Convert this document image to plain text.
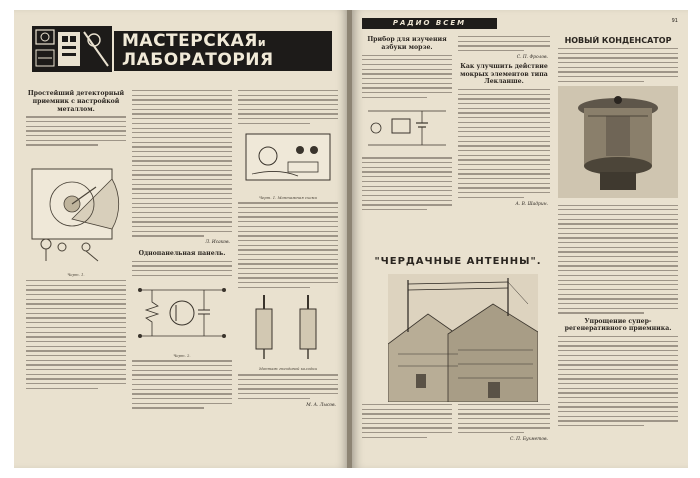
МАСТЕРСКАЯи
ЛАБОРАТОРИЯ
Простейший детекторный приемник с настройкой металлом.
Черт. 1.
Л. Исаков.
Однопанельная панель.
Черт. 2.
Черт. 1. Монтажная схема
Монтаж гнездовой колодки
М. А. Лысов.
РАДИО ВСЕМ	91
Прибор для изучения азбуки морзе.
С. П. Фролов.
Как улучшить действие мокрых элементов типа Лекланше.
А. В. Шадрин.
"ЧЕРДАЧНЫЕ АНТЕННЫ".
С. П. Бухметов.
НОВЫЙ КОНДЕНСАТОР
Упрощение супер-регенеративного приемника.
